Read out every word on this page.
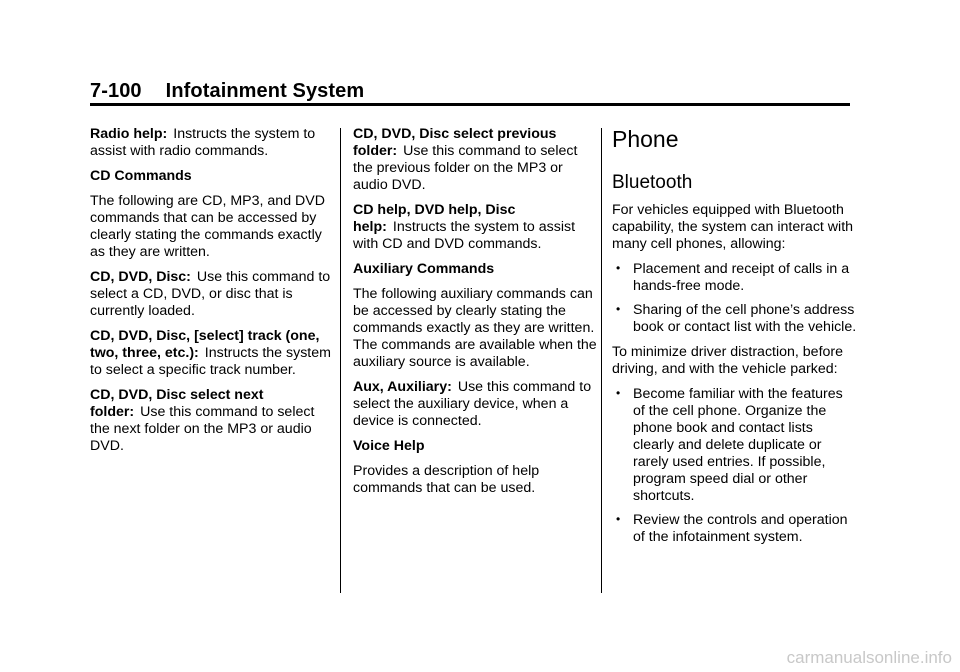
7-100 Infotainment System

Radio help: Instructs the system to assist with radio commands.

CD Commands

The following are CD, MP3, and DVD commands that can be accessed by clearly stating the commands exactly as they are written.

CD, DVD, Disc: Use this command to select a CD, DVD, or disc that is currently loaded.

CD, DVD, Disc, [select] track (one, two, three, etc.): Instructs the system to select a specific track number.

CD, DVD, Disc select next folder: Use this command to select the next folder on the MP3 or audio DVD.

CD, DVD, Disc select previous folder: Use this command to select the previous folder on the MP3 or audio DVD.

CD help, DVD help, Disc help: Instructs the system to assist with CD and DVD commands.

Auxiliary Commands

The following auxiliary commands can be accessed by clearly stating the commands exactly as they are written. The commands are available when the auxiliary source is available.

Aux, Auxiliary: Use this command to select the auxiliary device, when a device is connected.

Voice Help

Provides a description of help commands that can be used.

Phone
Bluetooth

For vehicles equipped with Bluetooth capability, the system can interact with many cell phones, allowing:

• Placement and receipt of calls in a hands-free mode.
• Sharing of the cell phone’s address book or contact list with the vehicle.

To minimize driver distraction, before driving, and with the vehicle parked:

• Become familiar with the features of the cell phone. Organize the phone book and contact lists clearly and delete duplicate or rarely used entries. If possible, program speed dial or other shortcuts.
• Review the controls and operation of the infotainment system.
carmanualsonline.info
